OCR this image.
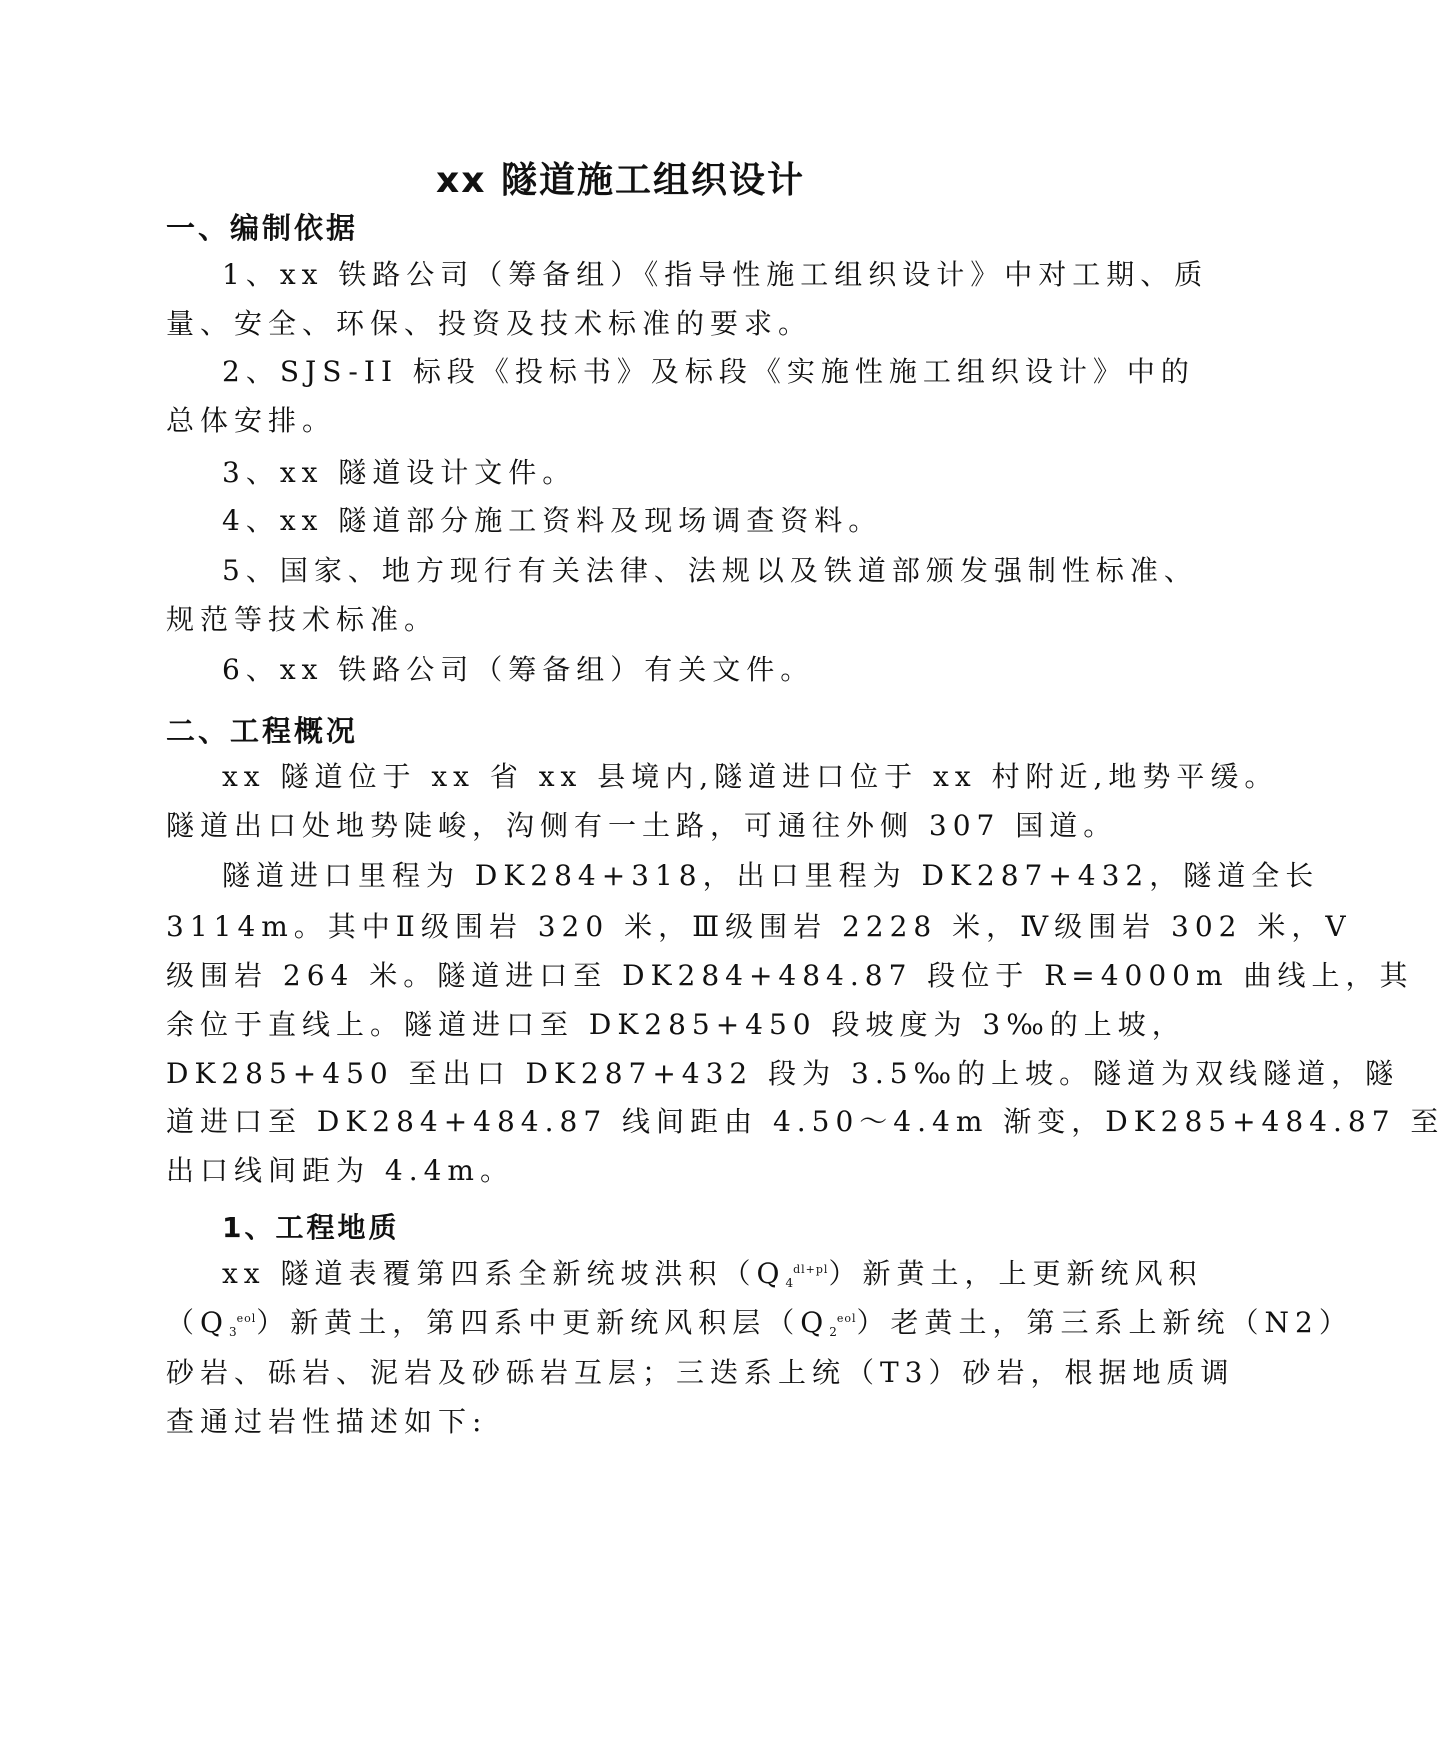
xx 隧道施工组织设计
一、编制依据
1、xx 铁路公司（筹备组）《指导性施工组织设计》中对工期、质
量、安全、环保、投资及技术标准的要求。
2、SJS-II 标段《投标书》及标段《实施性施工组织设计》中的
总体安排。
3、xx 隧道设计文件。
4、xx 隧道部分施工资料及现场调查资料。
5、国家、地方现行有关法律、法规以及铁道部颁发强制性标准、
规范等技术标准。
6、xx 铁路公司（筹备组）有关文件。
二、工程概况
xx 隧道位于 xx 省 xx 县境内,隧道进口位于 xx 村附近,地势平缓。
隧道出口处地势陡峻，沟侧有一土路，可通往外侧 307 国道。
隧道进口里程为 DK284+318，出口里程为 DK287+432，隧道全长
3114m。其中Ⅱ级围岩 320 米，Ⅲ级围岩 2228 米，Ⅳ级围岩 302 米，Ⅴ
级围岩 264 米。隧道进口至 DK284+484.87 段位于 R=4000m 曲线上，其
余位于直线上。隧道进口至 DK285+450 段坡度为 3‰的上坡，
DK285+450 至出口 DK287+432 段为 3.5‰的上坡。隧道为双线隧道，隧
道进口至 DK284+484.87 线间距由 4.50～4.4m 渐变，DK285+484.87 至
出口线间距为 4.4m。
1、工程地质
xx 隧道表覆第四系全新统坡洪积$(Q_4^{dl+pl})$新黄土，上更新统风积
$(Q_3^{eol})$新黄土，第四系中更新统风积层$(Q_2^{eol})$老黄土，第三系上新统（N2）
砂岩、砾岩、泥岩及砂砾岩互层；三迭系上统（T3）砂岩，根据地质调
查通过岩性描述如下:
